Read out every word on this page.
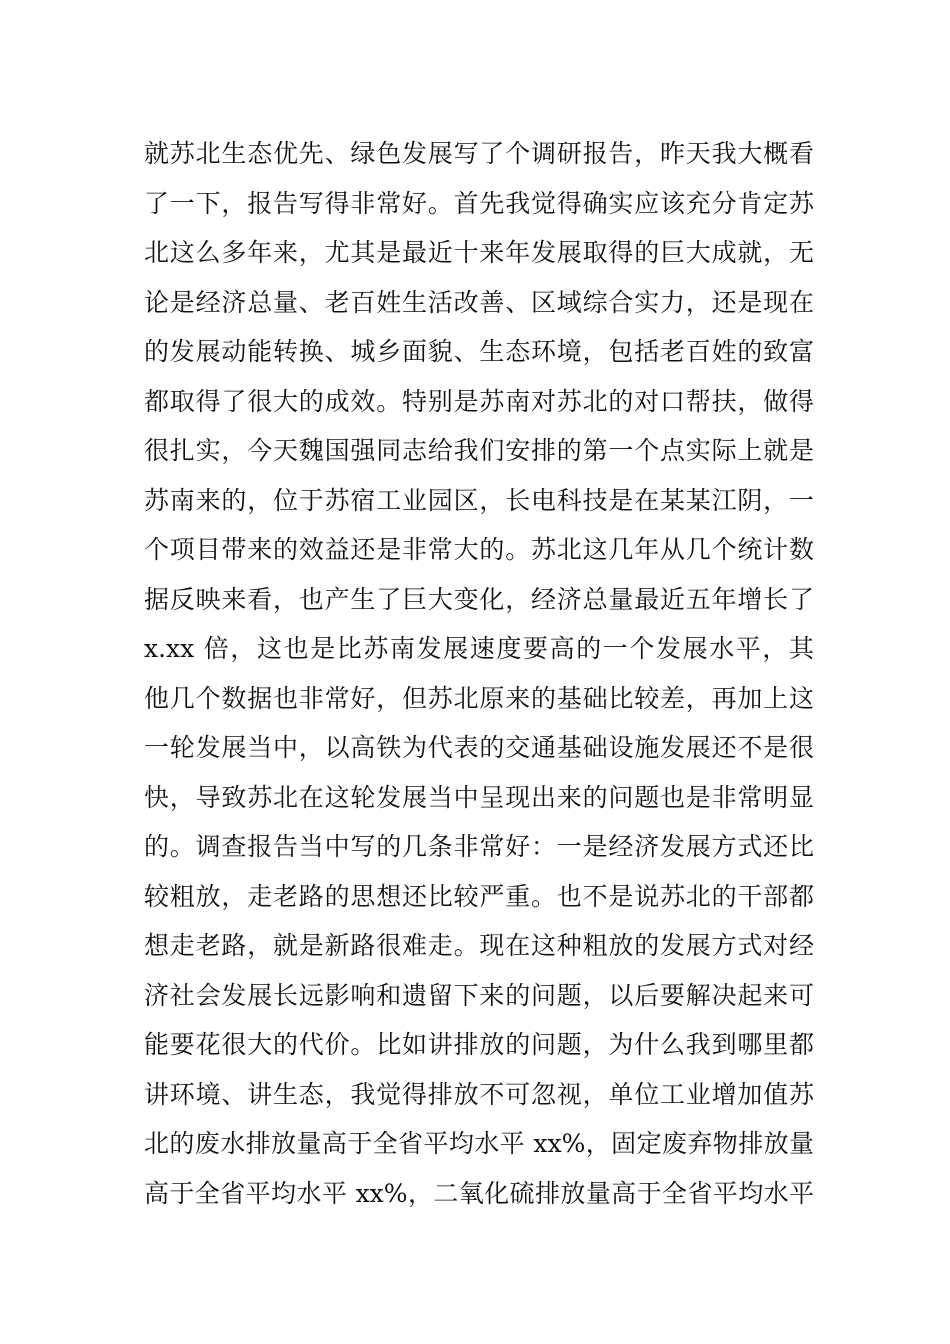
就苏北生态优先、绿色发展写了个调研报告，昨天我大概看
了一下，报告写得非常好。首先我觉得确实应该充分肯定苏
北这么多年来，尤其是最近十来年发展取得的巨大成就，无
论是经济总量、老百姓生活改善、区域综合实力，还是现在
的发展动能转换、城乡面貌、生态环境，包括老百姓的致富
都取得了很大的成效。特别是苏南对苏北的对口帮扶，做得
很扎实，今天魏国强同志给我们安排的第一个点实际上就是
苏南来的，位于苏宿工业园区，长电科技是在某某江阴，一
个项目带来的效益还是非常大的。苏北这几年从几个统计数
据反映来看，也产生了巨大变化，经济总量最近五年增长了
x.xx 倍，这也是比苏南发展速度要高的一个发展水平，其
他几个数据也非常好，但苏北原来的基础比较差，再加上这
一轮发展当中，以高铁为代表的交通基础设施发展还不是很
快，导致苏北在这轮发展当中呈现出来的问题也是非常明显
的。调查报告当中写的几条非常好：一是经济发展方式还比
较粗放，走老路的思想还比较严重。也不是说苏北的干部都
想走老路，就是新路很难走。现在这种粗放的发展方式对经
济社会发展长远影响和遗留下来的问题，以后要解决起来可
能要花很大的代价。比如讲排放的问题，为什么我到哪里都
讲环境、讲生态，我觉得排放不可忽视，单位工业增加值苏
北的废水排放量高于全省平均水平 xx%，固定废弃物排放量
高于全省平均水平 xx%，二氧化硫排放量高于全省平均水平
